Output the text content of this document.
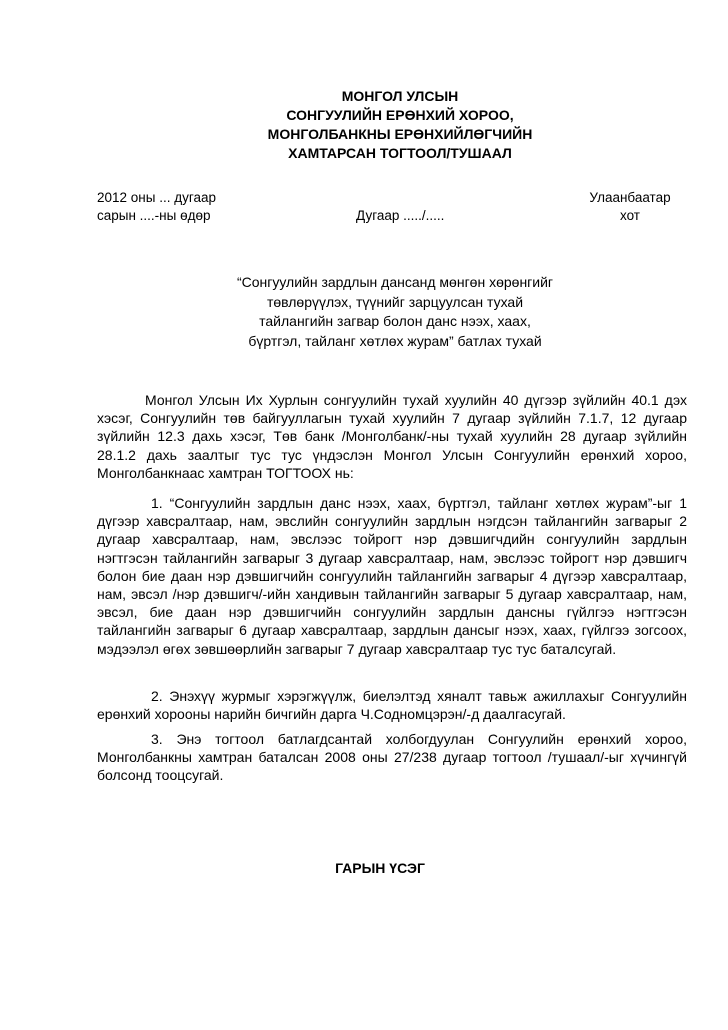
МОНГОЛ УЛСЫН
СОНГУУЛИЙН ЕРӨНХИЙ ХОРОО,
МОНГОЛБАНКНЫ ЕРӨНХИЙЛӨГЧИЙН
ХАМТАРСАН ТОГТООЛ/ТУШААЛ
2012 оны ... дугаар
сарын ....-ны өдөр	Дугаар ...../.....
Улаанбаатар
хот
“Сонгуулийн зардлын дансанд мөнгөн хөрөнгийг
төвлөрүүлэх, түүнийг зарцуулсан тухай
тайлангийн загвар болон данс нээх, хаах,
бүртгэл, тайланг хөтлөх журам” батлах тухай
Монгол Улсын Их Хурлын сонгуулийн тухай хуулийн 40 дүгээр зүйлийн 40.1 дэх хэсэг, Сонгуулийн төв байгууллагын тухай хуулийн 7 дугаар зүйлийн 7.1.7, 12 дугаар зүйлийн 12.3 дахь хэсэг, Төв банк /Монголбанк/-ны тухай хуулийн 28 дугаар зүйлийн 28.1.2 дахь заалтыг тус тус үндэслэн Монгол Улсын Сонгуулийн ерөнхий хороо, Монголбанкнаас хамтран ТОГТООХ нь:
1. “Сонгуулийн зардлын данс нээх, хаах, бүртгэл, тайланг хөтлөх журам”-ыг 1 дүгээр хавсралтаар, нам, эвслийн сонгуулийн зардлын нэгдсэн тайлангийн загварыг 2 дугаар хавсралтаар, нам, эвслээс тойрогт нэр дэвшигчдийн сонгуулийн зардлын нэгтгэсэн тайлангийн загварыг 3 дугаар хавсралтаар, нам, эвслээс тойрогт нэр дэвшигч болон бие даан нэр дэвшигчийн сонгуулийн тайлангийн загварыг 4 дүгээр хавсралтаар, нам, эвсэл /нэр дэвшигч/-ийн хандивын тайлангийн загварыг 5 дугаар хавсралтаар, нам, эвсэл, бие даан нэр дэвшигчийн сонгуулийн зардлын дансны гүйлгээ нэгтгэсэн тайлангийн загварыг 6 дугаар хавсралтаар, зардлын дансыг нээх, хаах, гүйлгээ зогсоох, мэдээлэл өгөх зөвшөөрлийн загварыг 7 дугаар хавсралтаар тус тус баталсугай.
2. Энэхүү журмыг хэрэгжүүлж, биелэлтэд хяналт тавьж ажиллахыг Сонгуулийн ерөнхий хорооны нарийн бичгийн дарга Ч.Содномцэрэн/-д даалгасугай.
3. Энэ тогтоол батлагдсантай холбогдуулан Сонгуулийн ерөнхий хороо, Монголбанкны хамтран баталсан 2008 оны 27/238 дугаар тогтоол /тушаал/-ыг хүчингүй болсонд тооцсугай.
ГАРЫН ҮСЭГ
